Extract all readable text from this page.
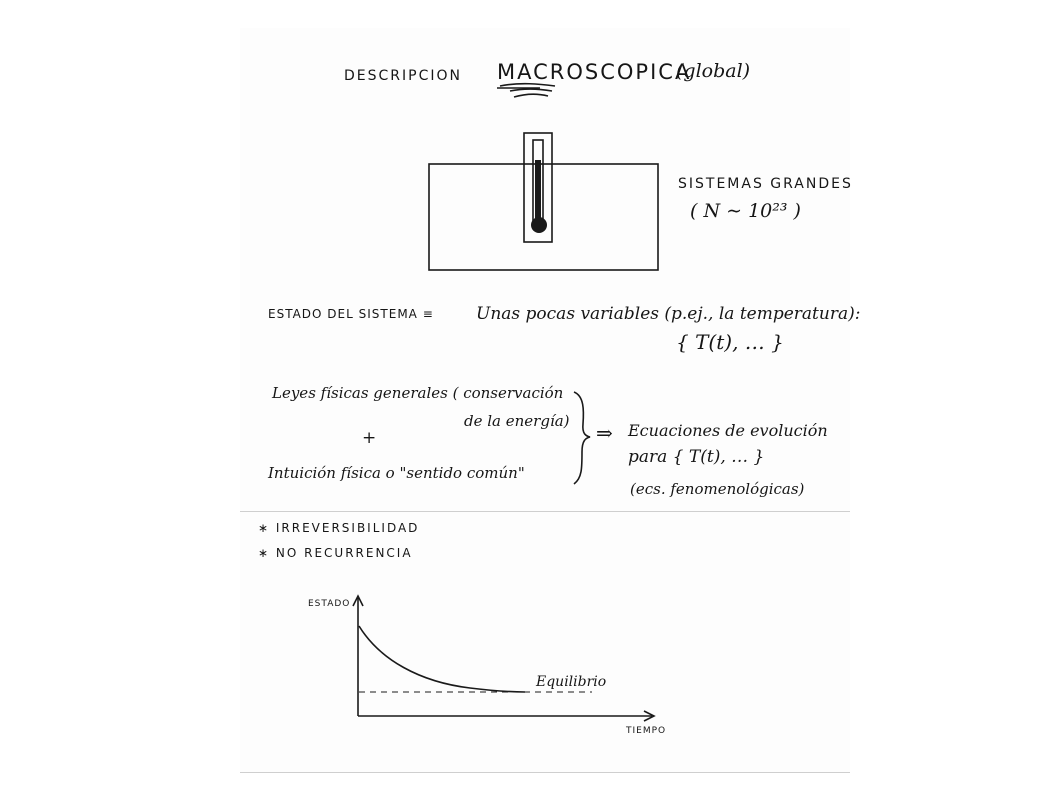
DESCRIPCION MACROSCOPICA
(global)
SISTEMAS GRANDES
( N ∼ 10²³ )
ESTADO DEL SISTEMA ≡ Unas pocas variables (p.ej., la temperatura):
{ T(t), … }
Leyes físicas generales ( conservación
de la energía)
+
Intuición física o "sentido común"
⇒ Ecuaciones de evolución
para { T(t), … }
(ecs. fenomenológicas)
∗ IRREVERSIBILIDAD
∗ NO RECURRENCIA
ESTADO
TIEMPO
Equilibrio
